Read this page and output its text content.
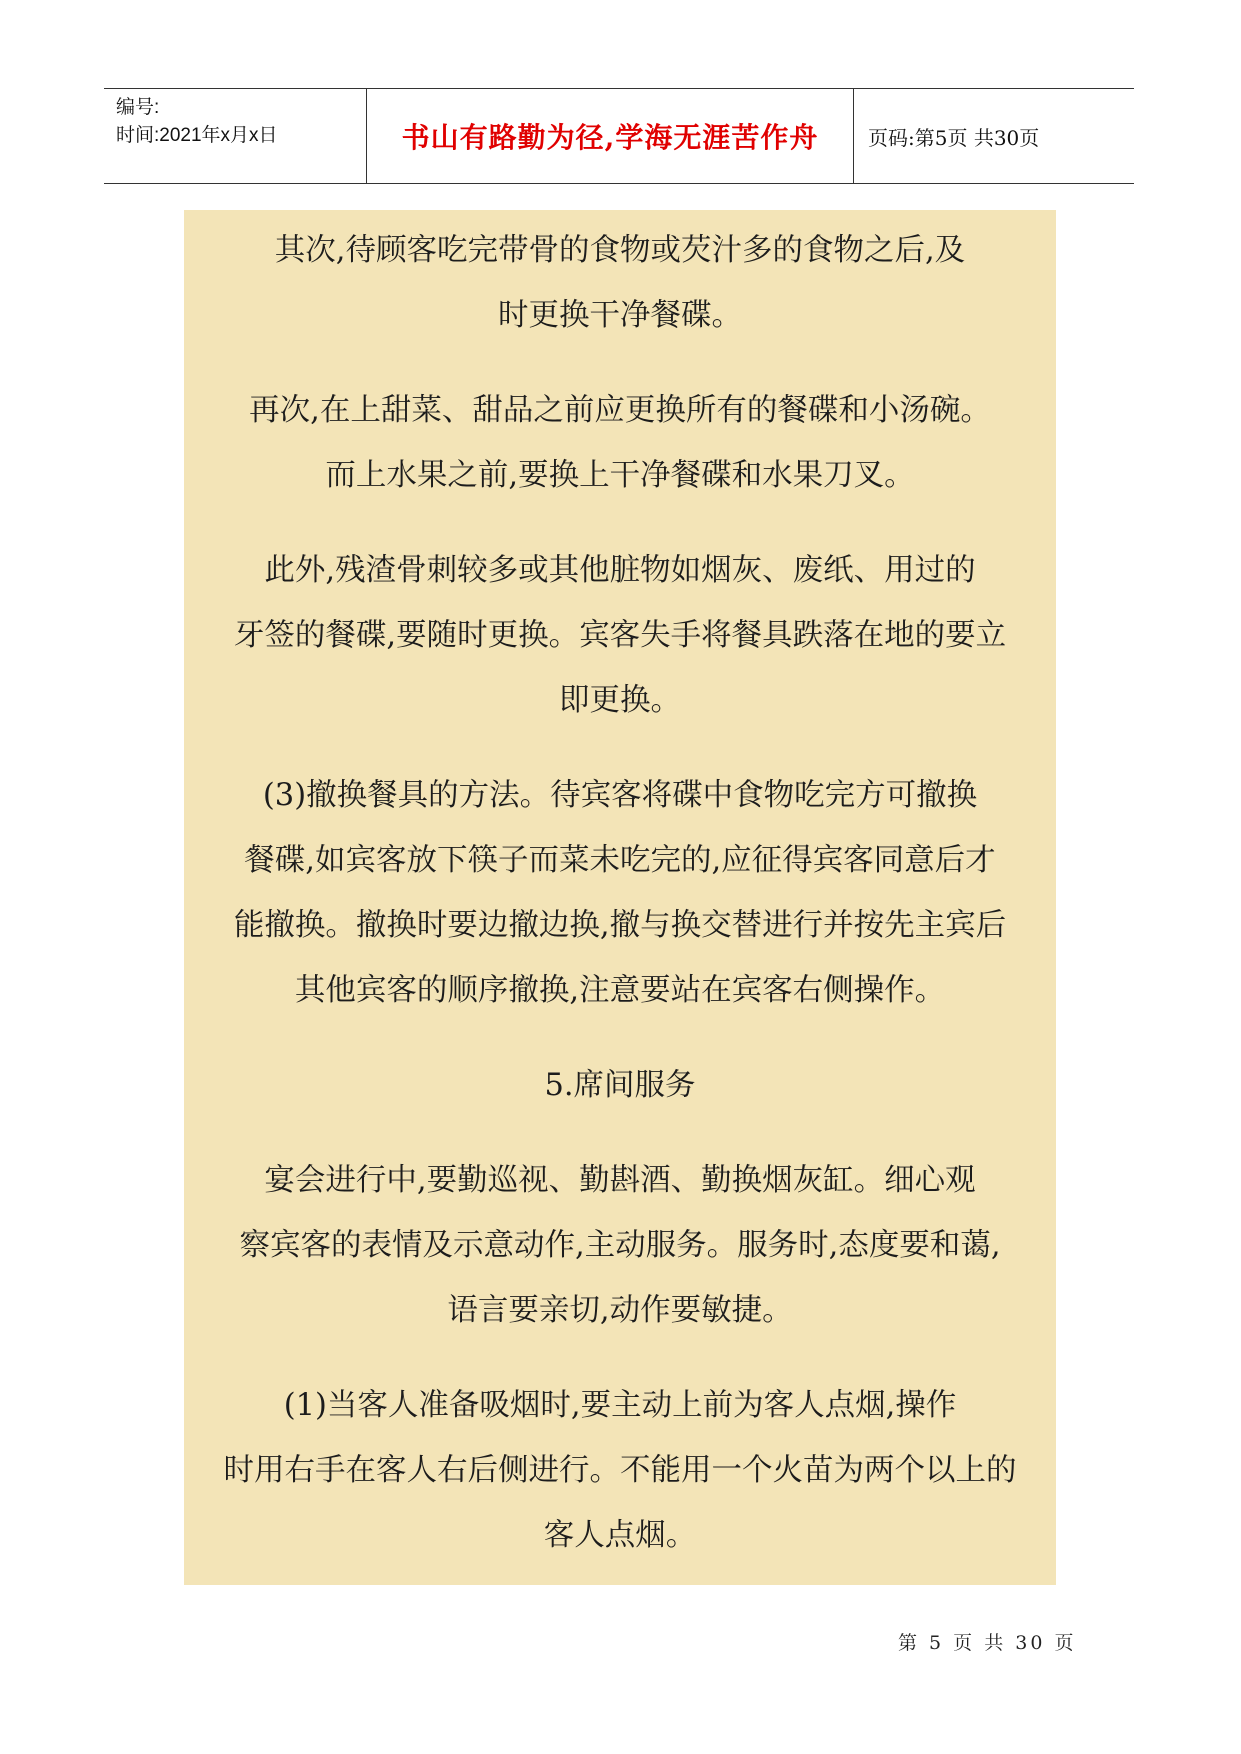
编号:
时间:2021年x月x日	书山有路勤为径,学海无涯苦作舟	页码:第5页 共30页
其次,待顾客吃完带骨的食物或芡汁多的食物之后,及
时更换干净餐碟。
再次,在上甜菜、甜品之前应更换所有的餐碟和小汤碗。
而上水果之前,要换上干净餐碟和水果刀叉。
此外,残渣骨刺较多或其他脏物如烟灰、废纸、用过的
牙签的餐碟,要随时更换。宾客失手将餐具跌落在地的要立
即更换。
(3)撤换餐具的方法。待宾客将碟中食物吃完方可撤换
餐碟,如宾客放下筷子而菜未吃完的,应征得宾客同意后才
能撤换。撤换时要边撤边换,撤与换交替进行并按先主宾后
其他宾客的顺序撤换,注意要站在宾客右侧操作。
5.席间服务
宴会进行中,要勤巡视、勤斟酒、勤换烟灰缸。细心观
察宾客的表情及示意动作,主动服务。服务时,态度要和蔼,
语言要亲切,动作要敏捷。
(1)当客人准备吸烟时,要主动上前为客人点烟,操作
时用右手在客人右后侧进行。不能用一个火苗为两个以上的
客人点烟。
第 5 页 共 30 页
